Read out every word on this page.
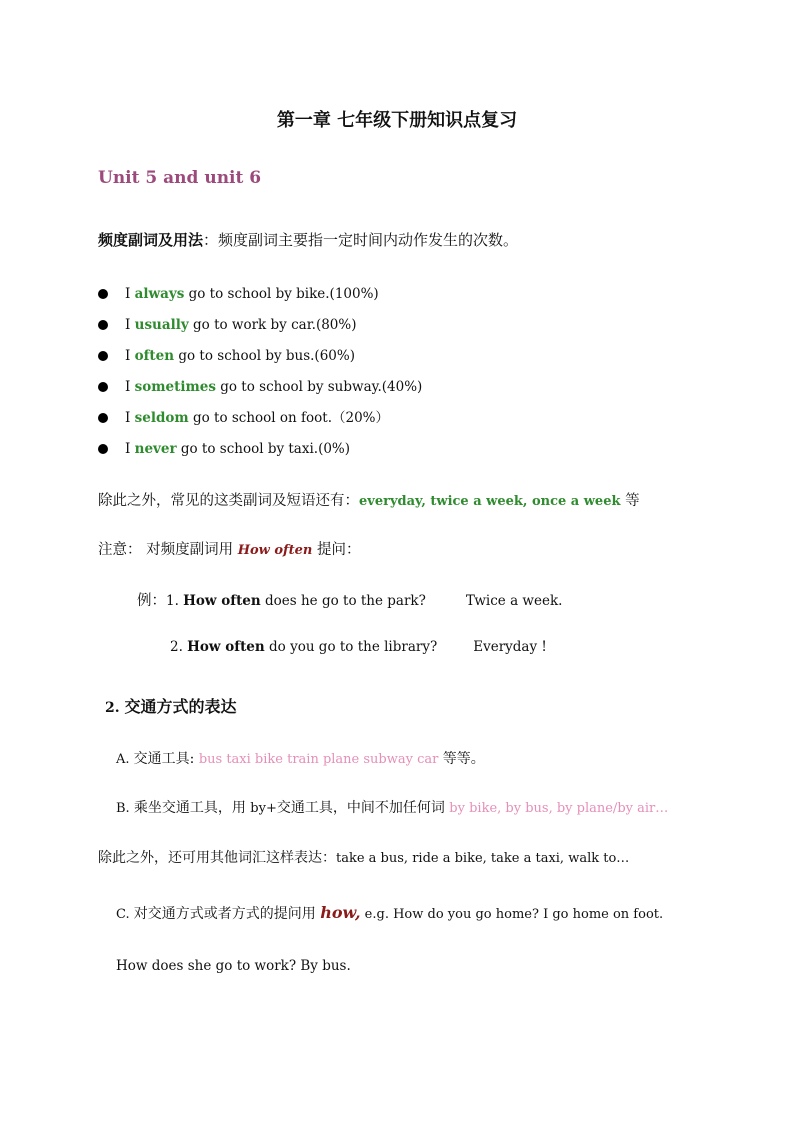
第一章 七年级下册知识点复习
Unit 5 and unit 6
频度副词及用法：频度副词主要指一定时间内动作发生的次数。
I always go to school by bike.(100%)
I usually go to work by car.(80%)
I often go to school by bus.(60%)
I sometimes go to school by subway.(40%)
I seldom go to school on foot.（20%）
I never go to school by taxi.(0%)
除此之外，常见的这类副词及短语还有：everyday, twice a week, once a week 等
注意： 对频度副词用 How often 提问：
例：1. How often does he go to the park?	Twice a week.
2. How often do you go to the library?	Everyday !
2. 交通方式的表达
A. 交通工具: bus taxi bike train plane subway car 等等。
B. 乘坐交通工具，用 by+交通工具，中间不加任何词 by bike, by bus, by plane/by air…
除此之外，还可用其他词汇这样表达：take a bus, ride a bike, take a taxi, walk to…
C. 对交通方式或者方式的提问用 how, e.g. How do you go home? I go home on foot.
How does she go to work? By bus.
